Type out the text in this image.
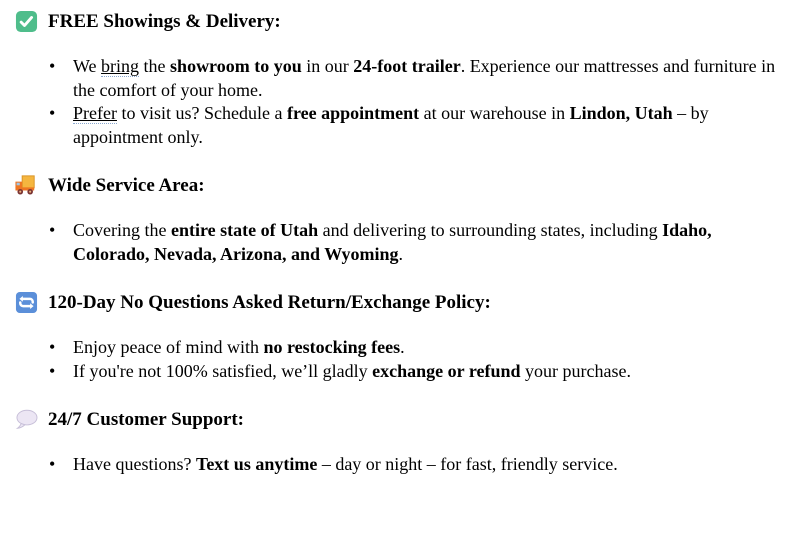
FREE Showings & Delivery:
• We bring the showroom to you in our 24-foot trailer. Experience our mattresses and furniture in the comfort of your home.
• Prefer to visit us? Schedule a free appointment at our warehouse in Lindon, Utah – by appointment only.
Wide Service Area:
• Covering the entire state of Utah and delivering to surrounding states, including Idaho, Colorado, Nevada, Arizona, and Wyoming.
120-Day No Questions Asked Return/Exchange Policy:
• Enjoy peace of mind with no restocking fees.
• If you're not 100% satisfied, we’ll gladly exchange or refund your purchase.
24/7 Customer Support:
• Have questions? Text us anytime – day or night – for fast, friendly service.
